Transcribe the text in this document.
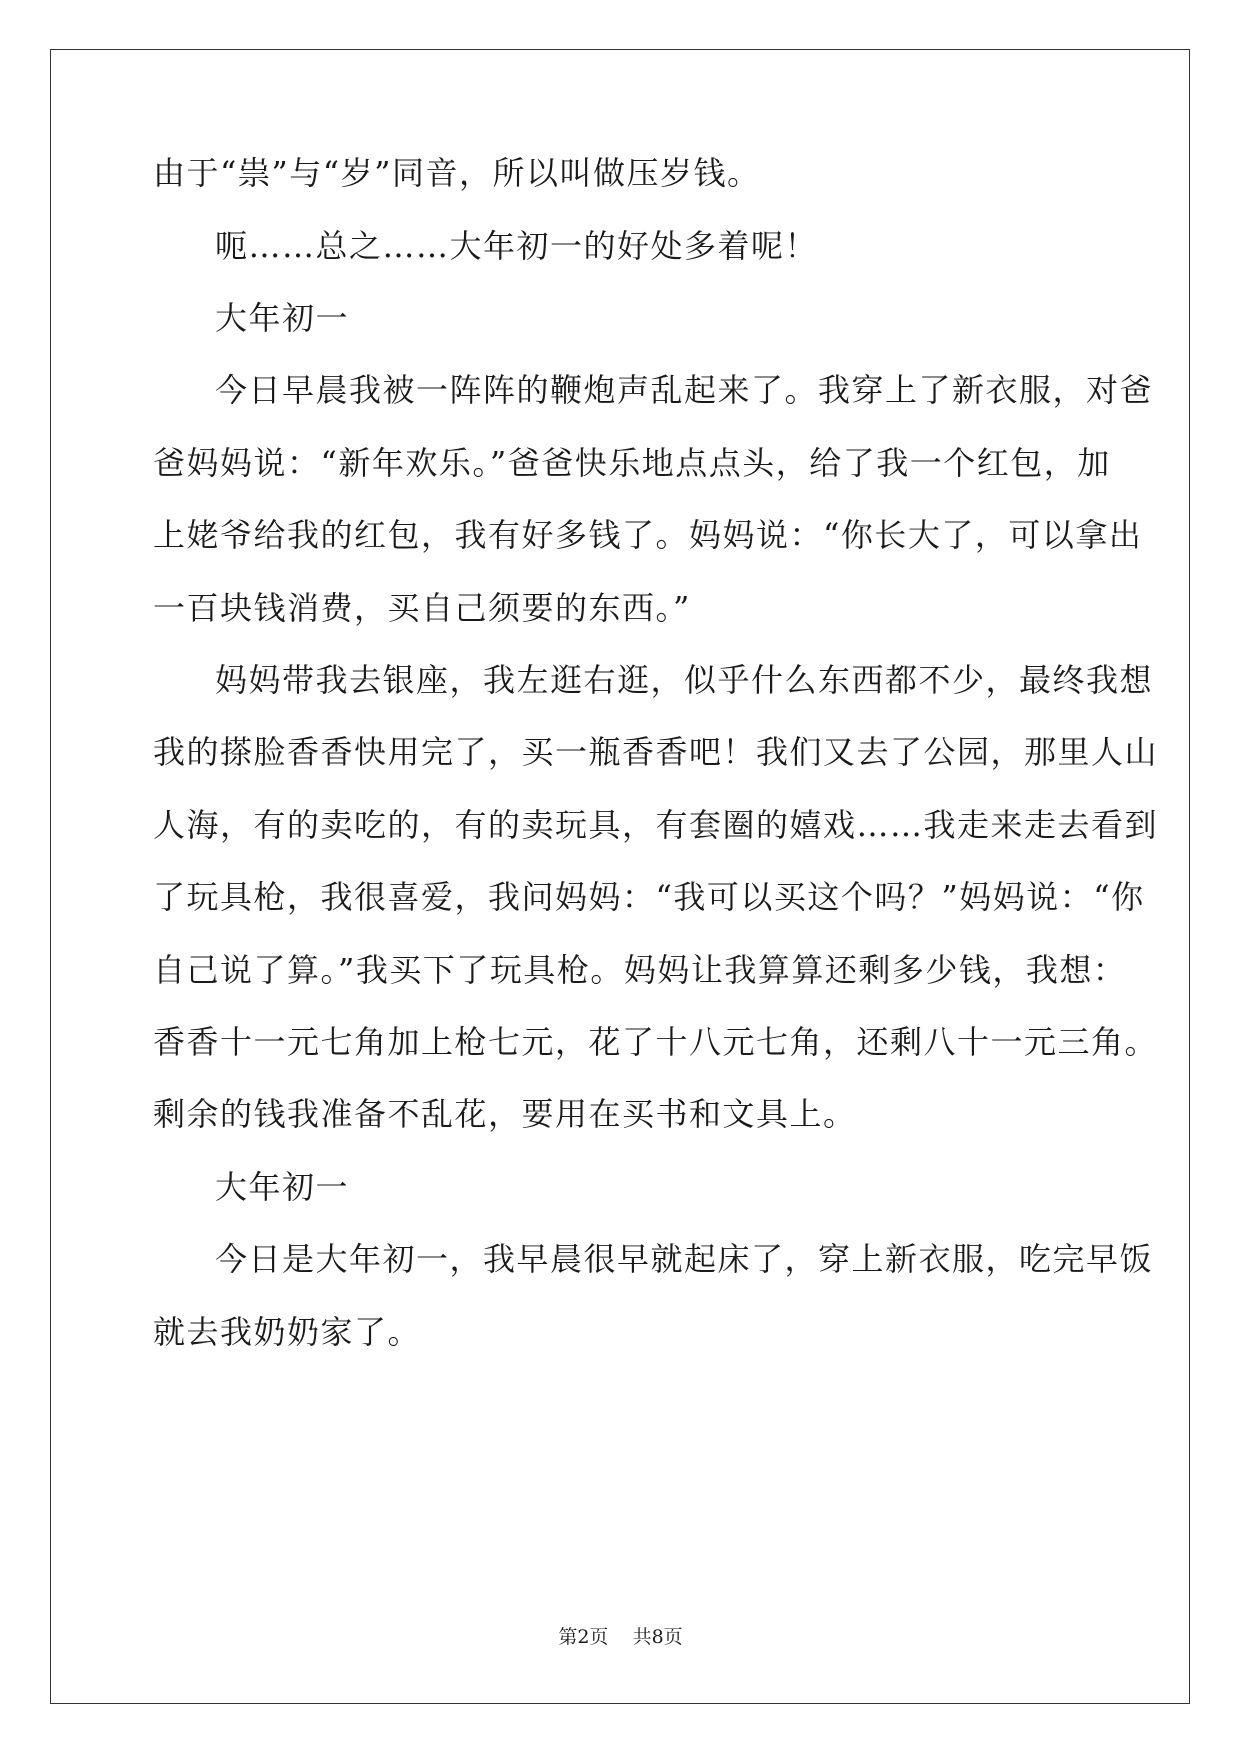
由于“祟”与“岁”同音，所以叫做压岁钱。
呃……总之……大年初一的好处多着呢！
大年初一
今日早晨我被一阵阵的鞭炮声乱起来了。我穿上了新衣服，对爸
爸妈妈说：“新年欢乐。”爸爸快乐地点点头，给了我一个红包，加
上姥爷给我的红包，我有好多钱了。妈妈说：“你长大了，可以拿出
一百块钱消费，买自己须要的东西。”
妈妈带我去银座，我左逛右逛，似乎什么东西都不少，最终我想
我的搽脸香香快用完了，买一瓶香香吧！我们又去了公园，那里人山
人海，有的卖吃的，有的卖玩具，有套圈的嬉戏……我走来走去看到
了玩具枪，我很喜爱，我问妈妈：“我可以买这个吗？”妈妈说：“你
自己说了算。”我买下了玩具枪。妈妈让我算算还剩多少钱，我想：
香香十一元七角加上枪七元，花了十八元七角，还剩八十一元三角。
剩余的钱我准备不乱花，要用在买书和文具上。
大年初一
今日是大年初一，我早晨很早就起床了，穿上新衣服，吃完早饭
就去我奶奶家了。
第2页 共8页
